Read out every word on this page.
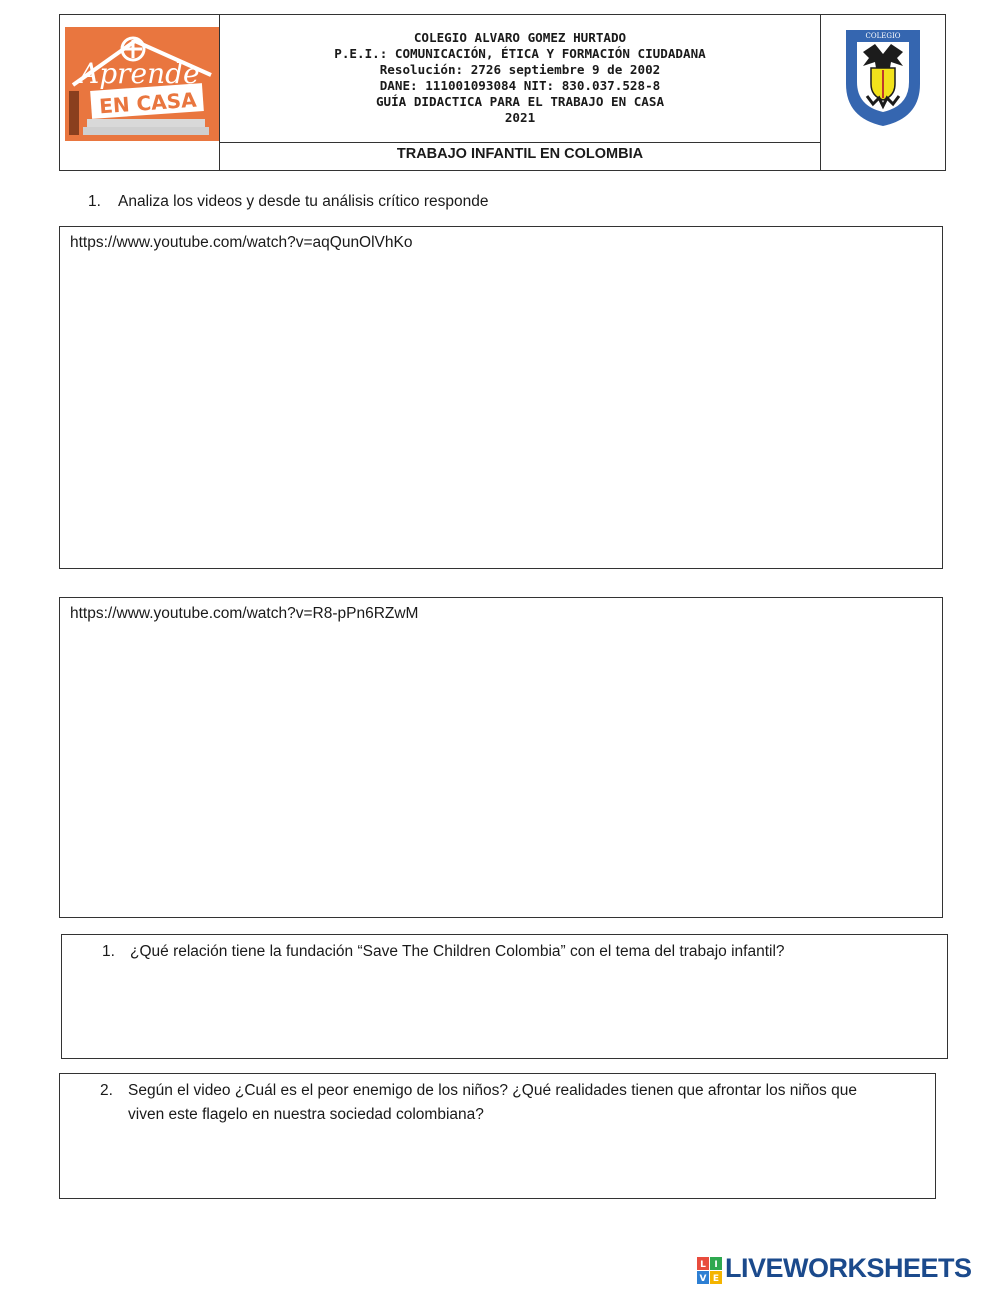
Aprende
EN CASA
COLEGIO ALVARO GOMEZ HURTADO
P.E.I.: COMUNICACIÓN, ÉTICA Y FORMACIÓN CIUDADANA
Resolución: 2726 septiembre 9 de 2002
DANE: 111001093084 NIT: 830.037.528-8
GUÍA DIDACTICA PARA EL TRABAJO EN CASA
2021
TRABAJO INFANTIL EN COLOMBIA
COLEGIO
1. Analiza los videos y desde tu análisis crítico responde
https://www.youtube.com/watch?v=aqQunOlVhKo
https://www.youtube.com/watch?v=R8-pPn6RZwM
1. ¿Qué relación tiene la fundación “Save The Children Colombia” con el tema del trabajo infantil?
2. Según el video ¿Cuál es el peor enemigo de los niños? ¿Qué realidades tienen que afrontar los niños que
viven este flagelo en nuestra sociedad colombiana?
L I
V E LIVEWORKSHEETS
